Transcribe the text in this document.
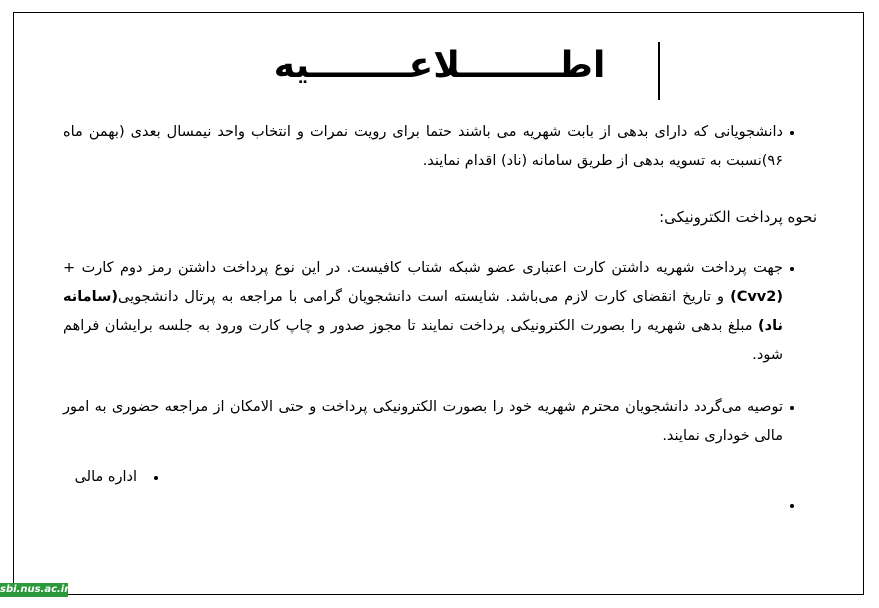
اطــــــــلاعــــــــیه
دانشجویانی که دارای بدهی از بابت شهریه می باشند حتما برای رویت نمرات و انتخاب واحد نیمسال بعدی (بهمن ماه ۹۶)نسبت به تسویه بدهی از طریق سامانه (ناد) اقدام نمایند.
نحوه پرداخت الکترونیکی:
جهت پرداخت شهریه داشتن کارت اعتباری عضو شبکه شتاب کافیست. در این نوع پرداخت داشتن رمز دوم کارت + (Cvv2) و تاریخ انقضای کارت لازم می‌باشد. شایسته است دانشجویان گرامی با مراجعه به پرتال دانشجویی(سامانه ناد) مبلغ بدهی شهریه را بصورت الکترونیکی پرداخت نمایند تا مجوز صدور و چاپ کارت ورود به جلسه برایشان فراهم شود.
توصیه می‌گردد دانشجویان محترم شهریه خود را بصورت الکترونیکی پرداخت و حتی الامکان از مراجعه حضوری به امور مالی خوداری نمایند.
اداره مالی
sbi.nus.ac.ir
